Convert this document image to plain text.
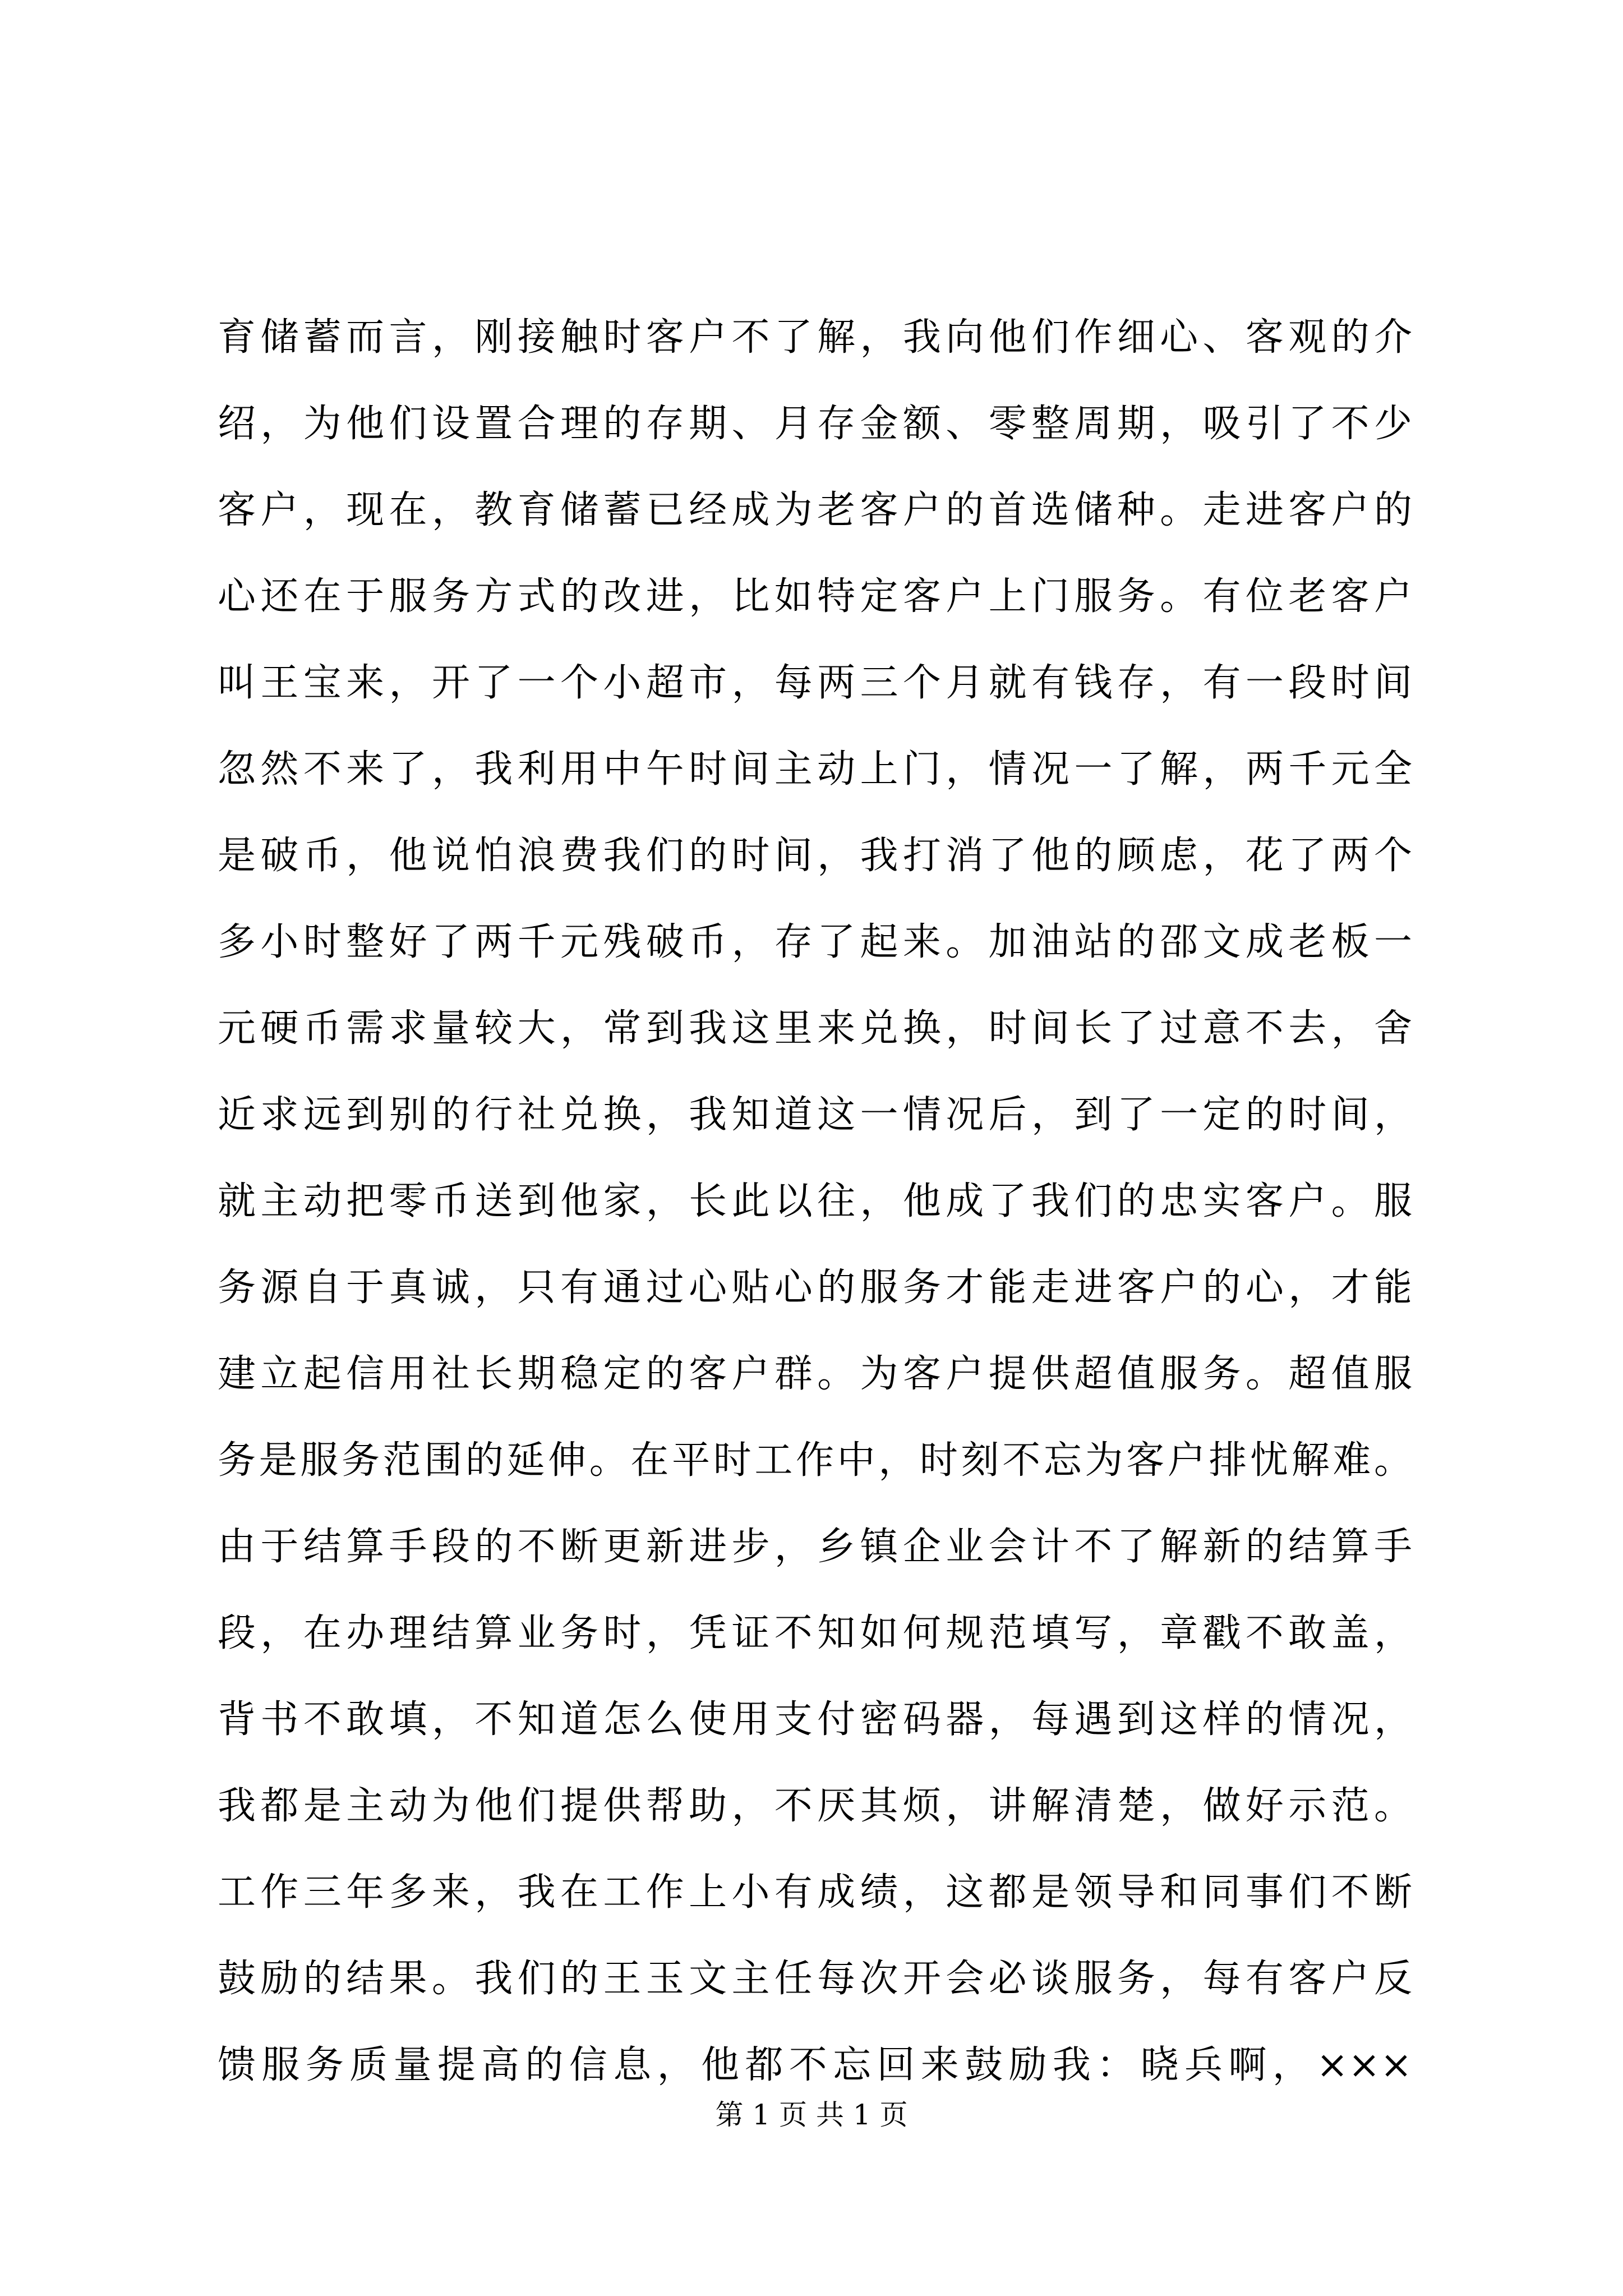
育储蓄而言，刚接触时客户不了解，我向他们作细心、客观的介
绍，为他们设置合理的存期、月存金额、零整周期，吸引了不少
客户，现在，教育储蓄已经成为老客户的首选储种。走进客户的
心还在于服务方式的改进，比如特定客户上门服务。有位老客户
叫王宝来，开了一个小超市，每两三个月就有钱存，有一段时间
忽然不来了，我利用中午时间主动上门，情况一了解，两千元全
是破币，他说怕浪费我们的时间，我打消了他的顾虑，花了两个
多小时整好了两千元残破币，存了起来。加油站的邵文成老板一
元硬币需求量较大，常到我这里来兑换，时间长了过意不去，舍
近求远到别的行社兑换，我知道这一情况后，到了一定的时间，
就主动把零币送到他家，长此以往，他成了我们的忠实客户。服
务源自于真诚，只有通过心贴心的服务才能走进客户的心，才能
建立起信用社长期稳定的客户群。为客户提供超值服务。超值服
务是服务范围的延伸。在平时工作中，时刻不忘为客户排忧解难。
由于结算手段的不断更新进步，乡镇企业会计不了解新的结算手
段，在办理结算业务时，凭证不知如何规范填写，章戳不敢盖，
背书不敢填，不知道怎么使用支付密码器，每遇到这样的情况，
我都是主动为他们提供帮助，不厌其烦，讲解清楚，做好示范。
工作三年多来，我在工作上小有成绩，这都是领导和同事们不断
鼓励的结果。我们的王玉文主任每次开会必谈服务，每有客户反
馈服务质量提高的信息，他都不忘回来鼓励我：晓兵啊，×××
第 1 页 共 1 页
